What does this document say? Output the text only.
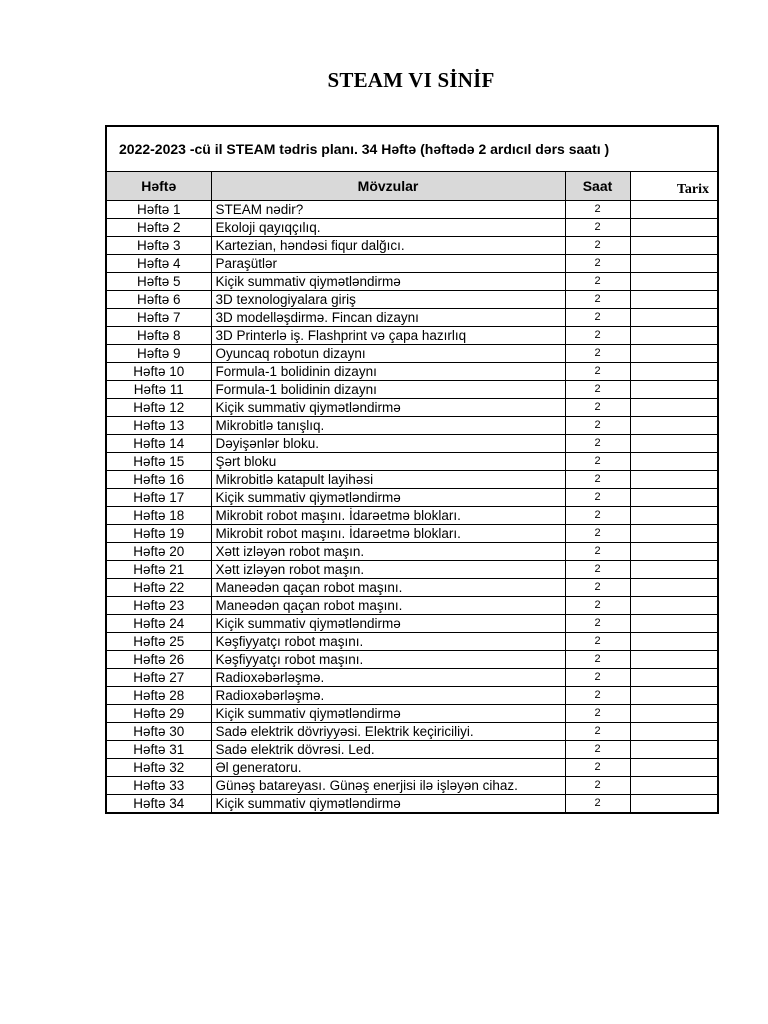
STEAM VI SİNİF
2022-2023 -cü il STEAM tədris planı. 34 Həftə (həftədə 2 ardıcıl dərs saatı )			
Həftə	Mövzular	Saat	Tarix
Həftə 1	STEAM nədir?	2	
Həftə 2	Ekoloji qayıqçılıq.	2	
Həftə 3	Kartezian, həndəsi fiqur dalğıcı.	2	
Həftə 4	Paraşütlər	2	
Həftə 5	Kiçik summativ qiymətləndirmə	2	
Həftə 6	3D texnologiyalara giriş	2	
Həftə 7	3D modelləşdirmə. Fincan dizaynı	2	
Həftə 8	3D Printerlə iş. Flashprint və çapa hazırlıq	2	
Həftə 9	Oyuncaq robotun dizaynı	2	
Həftə 10	Formula-1 bolidinin dizaynı	2	
Həftə 11	Formula-1 bolidinin dizaynı	2	
Həftə 12	Kiçik summativ qiymətləndirmə	2	
Həftə 13	Mikrobitlə tanışlıq.	2	
Həftə 14	Dəyişənlər bloku.	2	
Həftə 15	Şərt bloku	2	
Həftə 16	Mikrobitlə katapult layihəsi	2	
Həftə 17	Kiçik summativ qiymətləndirmə	2	
Həftə 18	Mikrobit robot maşını. İdarəetmə blokları.	2	
Həftə 19	Mikrobit robot maşını. İdarəetmə blokları.	2	
Həftə 20	Xətt izləyən robot maşın.	2	
Həftə 21	Xətt izləyən robot maşın.	2	
Həftə 22	Maneədən qaçan robot maşını.	2	
Həftə 23	Maneədən qaçan robot maşını.	2	
Həftə 24	Kiçik summativ qiymətləndirmə	2	
Həftə 25	Kəşfiyyatçı robot maşını.	2	
Həftə 26	Kəşfiyyatçı robot maşını.	2	
Həftə 27	Radioxəbərləşmə.	2	
Həftə 28	Radioxəbərləşmə.	2	
Həftə 29	Kiçik summativ qiymətləndirmə	2	
Həftə 30	Sadə elektrik dövriyyəsi. Elektrik keçiriciliyi.	2	
Həftə 31	Sadə elektrik dövrəsi. Led.	2	
Həftə 32	Əl generatoru.	2	
Həftə 33	Günəş batareyası. Günəş enerjisi ilə işləyən cihaz.	2	
Həftə 34	Kiçik summativ qiymətləndirmə	2	
